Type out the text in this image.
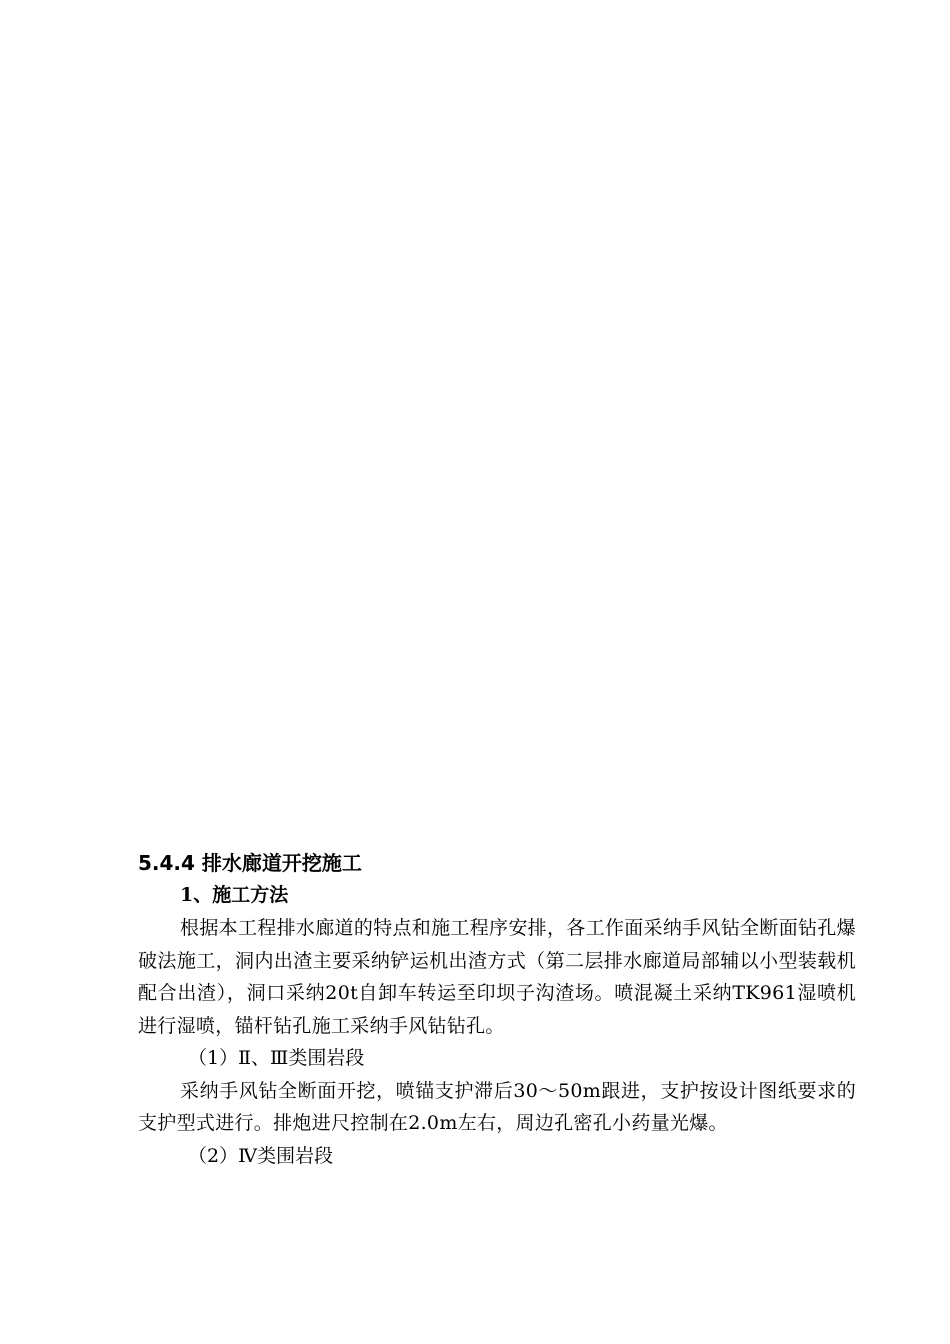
5.4.4 排水廊道开挖施工
1、施工方法

根据本工程排水廊道的特点和施工程序安排，各工作面采纳手风钻全断面钻孔爆破法施工，洞内出渣主要采纳铲运机出渣方式（第二层排水廊道局部辅以小型装载机配合出渣），洞口采纳20t自卸车转运至印坝子沟渣场。喷混凝土采纳TK961湿喷机进行湿喷，锚杆钻孔施工采纳手风钻钻孔。

（1）Ⅱ、Ⅲ类围岩段

采纳手风钻全断面开挖，喷锚支护滞后30～50m跟进，支护按设计图纸要求的支护型式进行。排炮进尺控制在2.0m左右，周边孔密孔小药量光爆。

（2）Ⅳ类围岩段
